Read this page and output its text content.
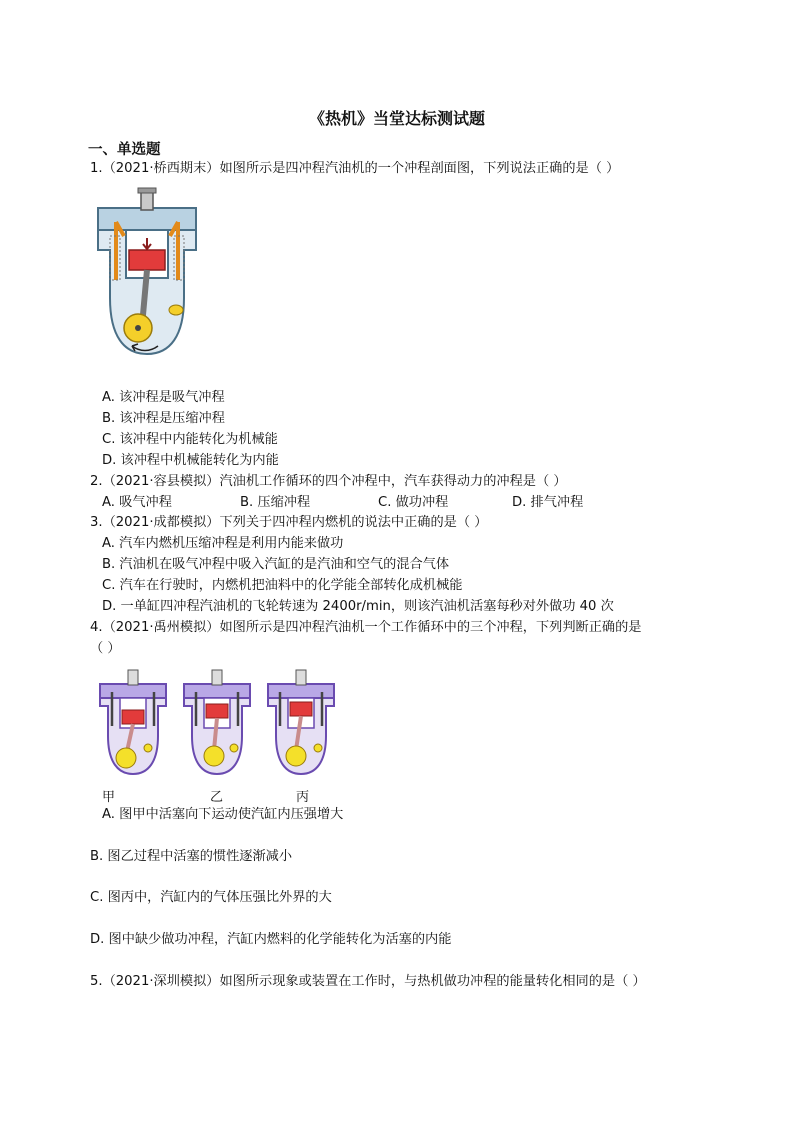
《热机》当堂达标测试题
一、单选题
1.（2021·桥西期末）如图所示是四冲程汽油机的一个冲程剖面图，下列说法正确的是（ ）
A. 该冲程是吸气冲程
B. 该冲程是压缩冲程
C. 该冲程中内能转化为机械能
D. 该冲程中机械能转化为内能
2.（2021·容县模拟）汽油机工作循环的四个冲程中，汽车获得动力的冲程是（ ）
A. 吸气冲程	B. 压缩冲程	C. 做功冲程	D. 排气冲程
3.（2021·成都模拟）下列关于四冲程内燃机的说法中正确的是（ ）
A. 汽车内燃机压缩冲程是利用内能来做功
B. 汽油机在吸气冲程中吸入汽缸的是汽油和空气的混合气体
C. 汽车在行驶时，内燃机把油料中的化学能全部转化成机械能
D. 一单缸四冲程汽油机的飞轮转速为 2400r/min，则该汽油机活塞每秒对外做功 40 次
4.（2021·禹州模拟）如图所示是四冲程汽油机一个工作循环中的三个冲程，下列判断正确的是
（ ）
甲	乙	丙
A. 图甲中活塞向下运动使汽缸内压强增大
B. 图乙过程中活塞的惯性逐渐减小
C. 图丙中，汽缸内的气体压强比外界的大
D. 图中缺少做功冲程，汽缸内燃料的化学能转化为活塞的内能
5.（2021·深圳模拟）如图所示现象或装置在工作时，与热机做功冲程的能量转化相同的是（ ）
